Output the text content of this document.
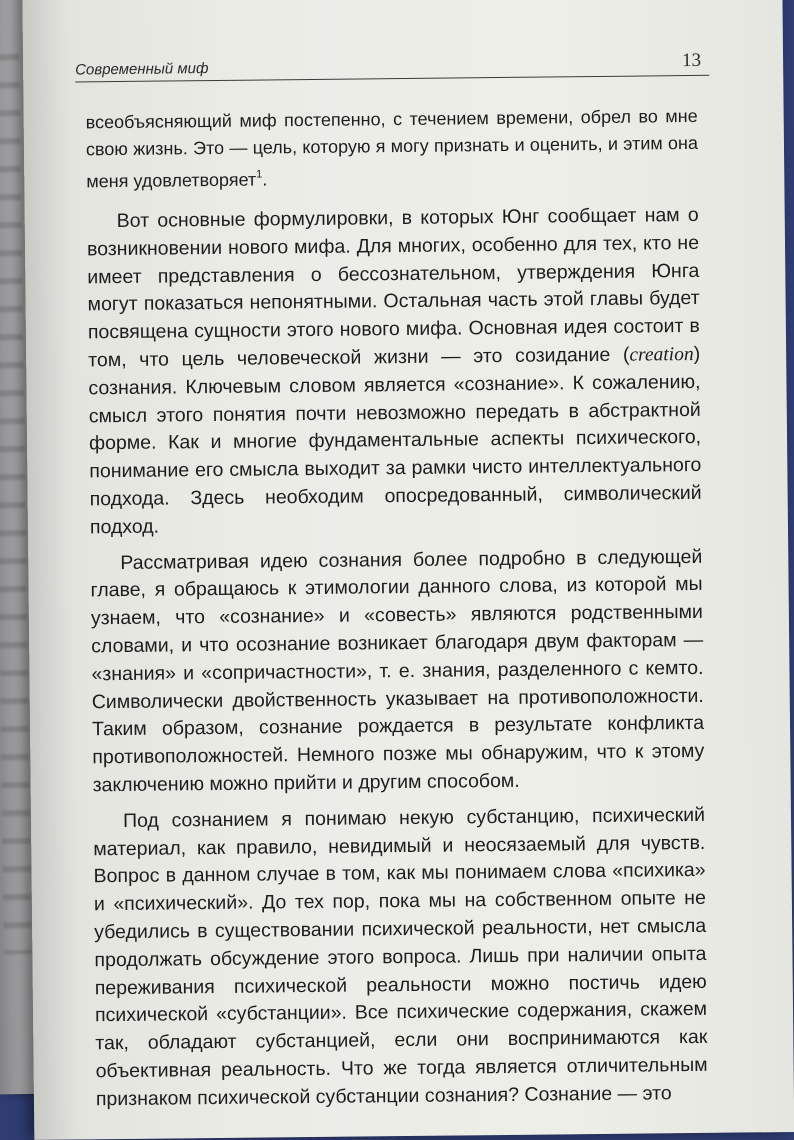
Современный миф	13

всеобъясняющий миф постепенно, с течением времени, обрел во мне свою жизнь. Это — цель, которую я могу признать и оценить, и этим она меня удовлетворяет$^1$.

Вот основные формулировки, в которых Юнг сообщает нам о возникновении нового мифа. Для многих, особенно для тех, кто не имеет представления о бессознательном, утверждения Юнга могут показаться непонятными. Остальная часть этой главы будет посвящена сущности этого нового мифа. Основная идея состоит в том, что цель человеческой жизни — это созидание (creation) сознания. Ключевым словом является «сознание». К сожалению, смысл этого понятия почти невозможно передать в абстрактной форме. Как и многие фундаментальные аспекты психического, понимание его смысла выходит за рамки чисто интеллектуального подхода. Здесь необходим опосредованный, символический подход.

Рассматривая идею сознания более подробно в следующей главе, я обращаюсь к этимологии данного слова, из которой мы узнаем, что «сознание» и «совесть» являются родственными словами, и что осознание возникает благодаря двум факторам — «знания» и «сопричастности», т. е. знания, разделенного с кемто. Символически двойственность указывает на противоположности. Таким образом, сознание рождается в результате конфликта противоположностей. Немного позже мы обнаружим, что к этому заключению можно прийти и другим способом.

Под сознанием я понимаю некую субстанцию, психический материал, как правило, невидимый и неосязаемый для чувств. Вопрос в данном случае в том, как мы понимаем слова «психика» и «психический». До тех пор, пока мы на собственном опыте не убедились в существовании психической реальности, нет смысла продолжать обсуждение этого вопроса. Лишь при наличии опыта переживания психической реальности можно постичь идею психической «субстанции». Все психические содержания, скажем так, обладают субстанцией, если они воспринимаются как объективная реальность. Что же тогда является отличительным признаком психической субстанции сознания? Сознание — это
